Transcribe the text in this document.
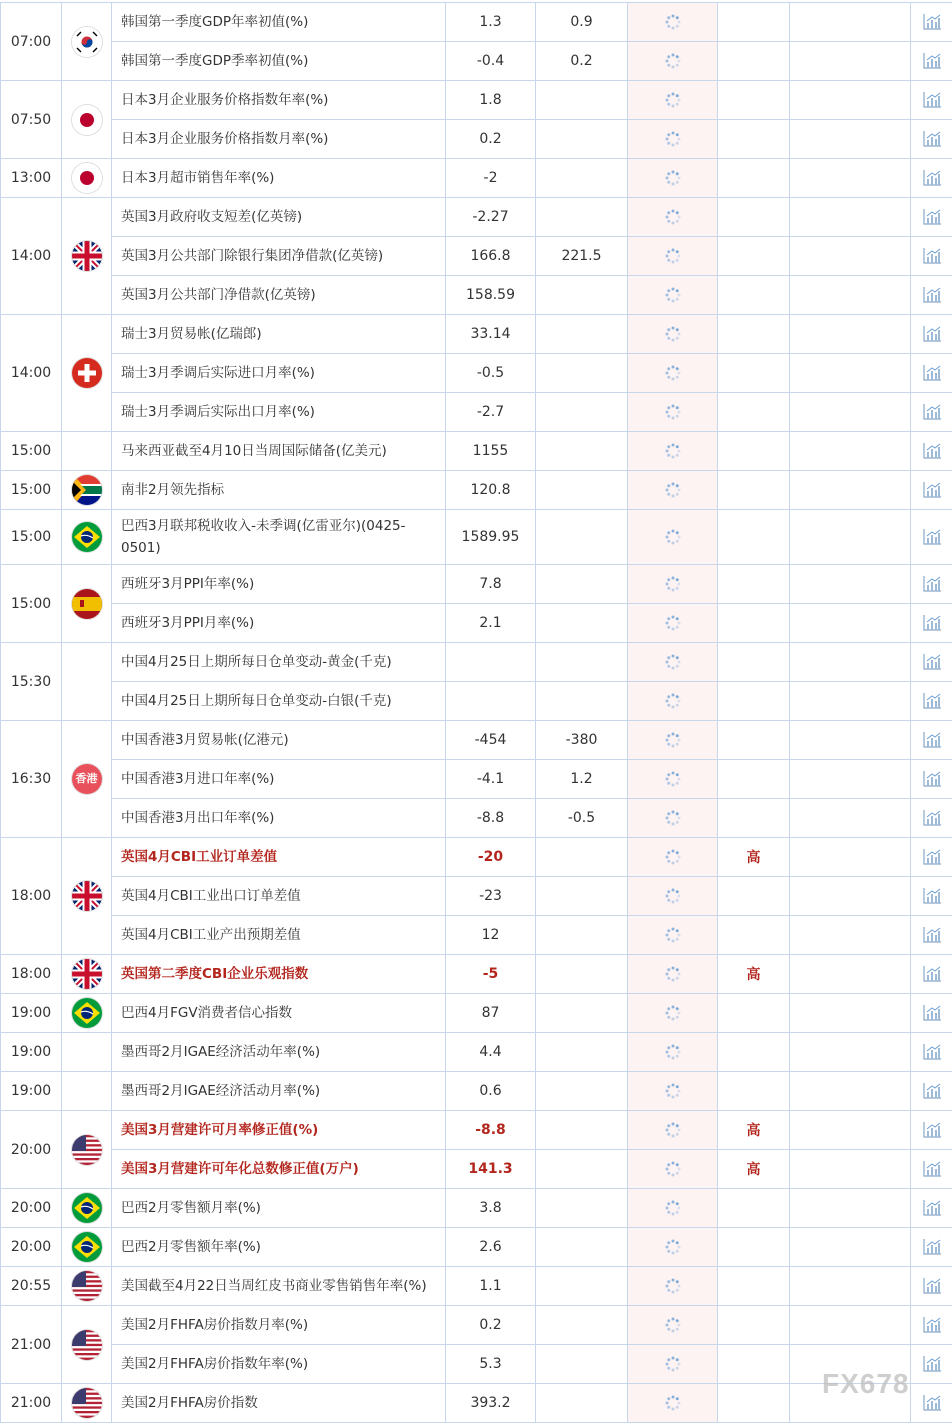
07:00		韩国第一季度GDP年率初值(%)	1.3	0.9	

		韩国第一季度GDP季率初值(%)	-0.4	0.2	

07:50		日本3月企业服务价格指数年率(%)	1.8		

		日本3月企业服务价格指数月率(%)	0.2		

13:00		日本3月超市销售年率(%)	-2		

14:00		英国3月政府收支短差(亿英镑)	-2.27		

		英国3月公共部门除银行集团净借款(亿英镑)	166.8	221.5	

		英国3月公共部门净借款(亿英镑)	158.59		

14:00		瑞士3月贸易帐(亿瑞郎)	33.14		

		瑞士3月季调后实际进口月率(%)	-0.5		

		瑞士3月季调后实际出口月率(%)	-2.7		

15:00		马来西亚截至4月10日当周国际储备(亿美元)	1155		

15:00		南非2月领先指标	120.8		

15:00		巴西3月联邦税收收入-未季调(亿雷亚尔)(0425-0501)	1589.95		

15:00		西班牙3月PPI年率(%)	7.8		

		西班牙3月PPI月率(%)	2.1		

15:30		中国4月25日上期所每日仓单变动-黄金(千克)			

		中国4月25日上期所每日仓单变动-白银(千克)			

16:30	香港	中国香港3月贸易帐(亿港元)	-454	-380	

		中国香港3月进口年率(%)	-4.1	1.2	

		中国香港3月出口年率(%)	-8.8	-0.5	

18:00		英国4月CBI工业订单差值	-20			高		

		英国4月CBI工业出口订单差值	-23		

		英国4月CBI工业产出预期差值	12		

18:00		英国第二季度CBI企业乐观指数	-5			高		

19:00		巴西4月FGV消费者信心指数	87		

19:00		墨西哥2月IGAE经济活动年率(%)	4.4		

19:00		墨西哥2月IGAE经济活动月率(%)	0.6		

20:00		美国3月营建许可月率修正值(%)	-8.8			高		

		美国3月营建许可年化总数修正值(万户)	141.3			高		

20:00		巴西2月零售额月率(%)	3.8		

20:00		巴西2月零售额年率(%)	2.6		

20:55		美国截至4月22日当周红皮书商业零售销售年率(%)	1.1		

21:00		美国2月FHFA房价指数月率(%)	0.2		

		美国2月FHFA房价指数年率(%)	5.3		

21:00		美国2月FHFA房价指数	393.2		

FX678
